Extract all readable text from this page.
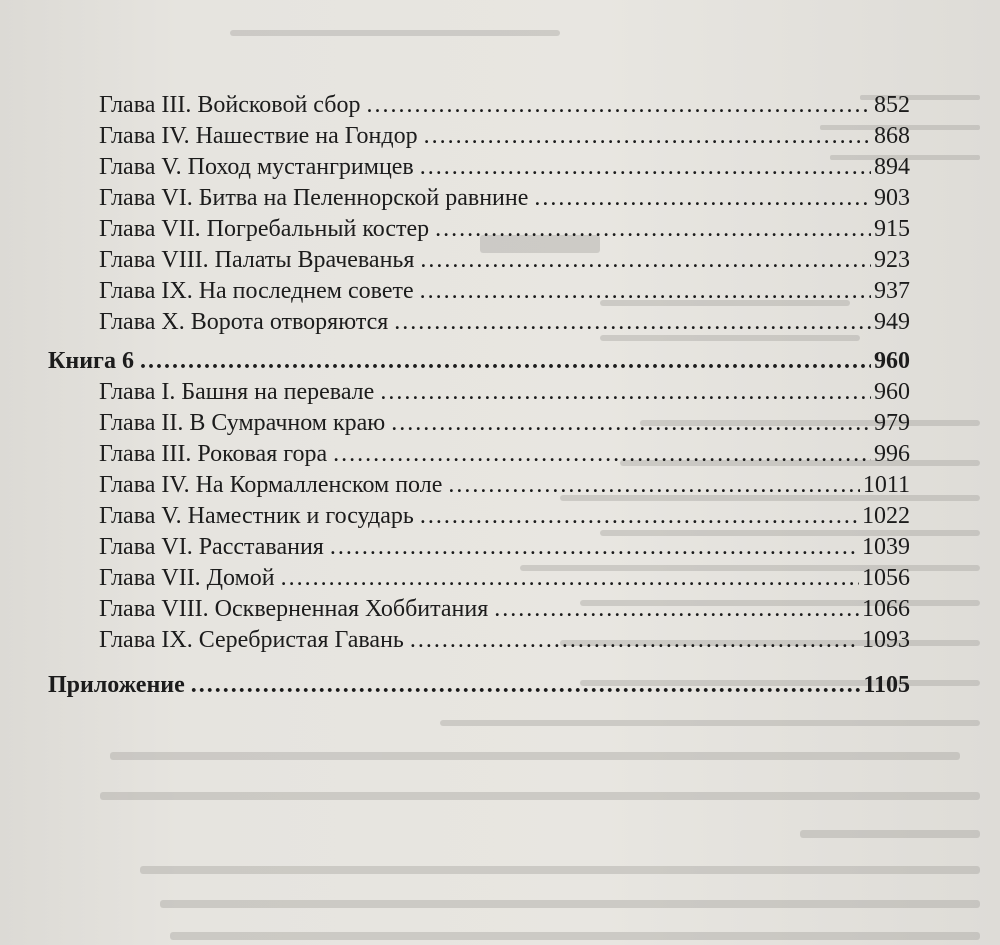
Глава III. Войсковой сбор .....	852
Глава IV. Нашествие на Гондор .....	868
Глава V. Поход мустангримцев .....	894
Глава VI. Битва на Пеленнорской равнине .....	903
Глава VII. Погребальный костер .....	915
Глава VIII. Палаты Врачеванья .....	923
Глава IX. На последнем совете .....	937
Глава X. Ворота отворяются .....	949
Книга 6 .....	960
Глава I. Башня на перевале .....	960
Глава II. В Сумрачном краю .....	979
Глава III. Роковая гора .....	996
Глава IV. На Кормалленском поле .....	1011
Глава V. Наместник и государь .....	1022
Глава VI. Расставания .....	1039
Глава VII. Домой .....	1056
Глава VIII. Оскверненная Хоббитания .....	1066
Глава IX. Серебристая Гавань .....	1093
Приложение .....	1105
